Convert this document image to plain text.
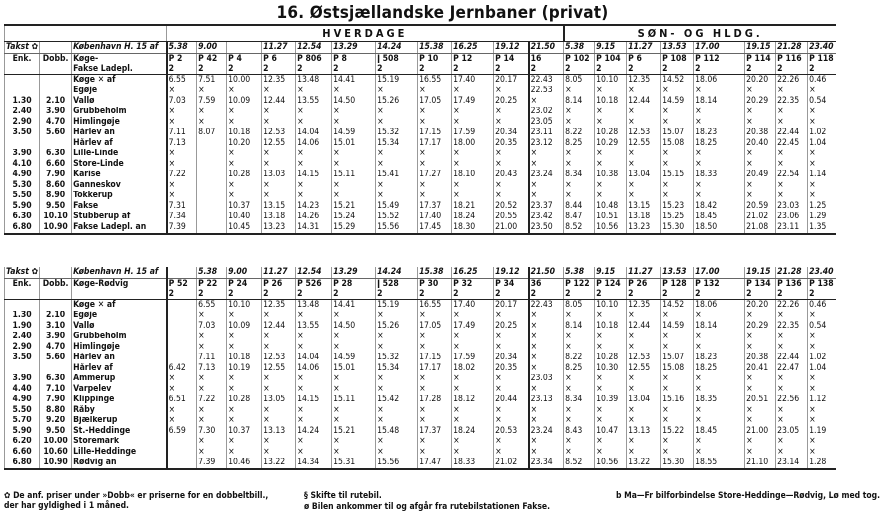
16. Østsjællandske Jernbaner (privat)
			HVERDAGE											SØN- OG HLDG.							
Takst ✿		København H. 15 af	5.38	9.00		11.27	12.54	13.29	14.24	15.38	16.25	19.12	21.50	5.38	9.15	11.27	13.53	17.00	19.15	21.28	23.40
Enk.	Dobb.	Køge-	P 2	P 42	P 4	P 6	P 806	P 8	ǀ 508	P 10	P 12	P 14	16	P 102	P 104	P 6	P 108	P 112	P 114	P 116	P 118
		Fakse Ladepl.	2	2	2	2	2	2	2	2	2	2	2	2	2	2	2	2	2	2	2
		Køge ✕ af	6.55	7.51	10.00	12.35	13.48	14.41	15.19	16.55	17.40	20.17	22.43	8.05	10.10	12.35	14.52	18.06	20.20	22.26	0.46
		Egøje	×	×	×	×	×	×	×	×	×	×	22.53	×	×	×	×	×	×	×	×
1.30	2.10	Vallø	7.03	7.59	10.09	12.44	13.55	14.50	15.26	17.05	17.49	20.25	×	8.14	10.18	12.44	14.59	18.14	20.29	22.35	0.54
2.40	3.90	Grubbeholm	×	×	×	×	×	×	×	×	×	×	23.02	×	×	×	×	×	×	×	×
2.90	4.70	Himlingøje	×	×	×	×	×	×	×	×	×	×	23.05	×	×	×	×	×	×	×	×
3.50	5.60	Hårlev an	7.11	8.07	10.18	12.53	14.04	14.59	15.32	17.15	17.59	20.34	23.11	8.22	10.28	12.53	15.07	18.23	20.38	22.44	1.02
		Hårlev af	7.13		10.20	12.55	14.06	15.01	15.34	17.17	18.00	20.35	23.12	8.25	10.29	12.55	15.08	18.25	20.40	22.45	1.04
3.90	6.30	Lille-Linde	×		×	×	×	×	×	×	×	×	×	×	×	×	×	×	×	×	×
4.10	6.60	Store-Linde	×		×	×	×	×	×	×	×	×	×	×	×	×	×	×	×	×	×
4.90	7.90	Karise	7.22		10.28	13.03	14.15	15.11	15.41	17.27	18.10	20.43	23.24	8.34	10.38	13.04	15.15	18.33	20.49	22.54	1.14
5.30	8.60	Ganneskov	×		×	×	×	×	×	×	×	×	×	×	×	×	×	×	×	×	×
5.50	8.90	Tokkerup	×		×	×	×	×	×	×	×	×	×	×	×	×	×	×	×	×	×
5.90	9.50	Fakse	7.31		10.37	13.15	14.23	15.21	15.49	17.37	18.21	20.52	23.37	8.44	10.48	13.15	15.23	18.42	20.59	23.03	1.25
6.30	10.10	Stubberup af	7.34		10.40	13.18	14.26	15.24	15.52	17.40	18.24	20.55	23.42	8.47	10.51	13.18	15.25	18.45	21.02	23.06	1.29
6.80	10.90	Fakse Ladepl. an	7.39		10.45	13.23	14.31	15.29	15.56	17.45	18.30	21.00	23.50	8.52	10.56	13.23	15.30	18.50	21.08	23.11	1.35
Takst ✿		København H. 15 af		5.38	9.00	11.27	12.54	13.29	14.24	15.38	16.25	19.12	21.50	5.38	9.15	11.27	13.53	17.00	19.15	21.28	23.40
Enk.	Dobb.	Køge-Rødvig	P 52	P 22	P 24	P 26	P 526	P 28	ǀ 528	P 30	P 32	P 34	36	P 122	P 124	P 26	P 128	P 132	P 134	P 136	P 138
			2	2	2	2	2	2	2	2	2	2	2	2	2	2	2	2	2	2	2
		Køge ✕ af		6.55	10.10	12.35	13.48	14.41	15.19	16.55	17.40	20.17	22.43	8.05	10.10	12.35	14.52	18.06	20.20	22.26	0.46
1.30	2.10	Egøje		×	×	×	×	×	×	×	×	×	×	×	×	×	×	×	×	×	×
1.90	3.10	Vallø		7.03	10.09	12.44	13.55	14.50	15.26	17.05	17.49	20.25	×	8.14	10.18	12.44	14.59	18.14	20.29	22.35	0.54
2.40	3.90	Grubbeholm		×	×	×	×	×	×	×	×	×	×	×	×	×	×	×	×	×	×
2.90	4.70	Himlingøje		×	×	×	×	×	×	×	×	×	×	×	×	×	×	×	×	×	×
3.50	5.60	Hårlev an		7.11	10.18	12.53	14.04	14.59	15.32	17.15	17.59	20.34	×	8.22	10.28	12.53	15.07	18.23	20.38	22.44	1.02
		Hårlev af	6.42	7.13	10.19	12.55	14.06	15.01	15.34	17.17	18.02	20.35	×	8.25	10.30	12.55	15.08	18.25	20.41	22.47	1.04
3.90	6.30	Ammerup	×	×	×	×	×	×	×	×	×	×	23.03	×	×	×	×	×	×	×	×
4.40	7.10	Varpelev	×	×	×	×	×	×	×	×	×	×	×	×	×	×	×	×	×	×	×
4.90	7.90	Klippinge	6.51	7.22	10.28	13.05	14.15	15.11	15.42	17.28	18.12	20.44	23.13	8.34	10.39	13.04	15.16	18.35	20.51	22.56	1.12
5.50	8.80	Råby	×	×	×	×	×	×	×	×	×	×	×	×	×	×	×	×	×	×	×
5.70	9.20	Bjælkerup	×	×	×	×	×	×	×	×	×	×	×	×	×	×	×	×	×	×	×
5.90	9.50	St.-Heddinge	6.59	7.30	10.37	13.13	14.24	15.21	15.48	17.37	18.24	20.53	23.24	8.43	10.47	13.13	15.22	18.45	21.00	23.05	1.19
6.20	10.00	Storemark		×	×	×	×	×	×	×	×	×	×	×	×	×	×	×	×	×	×
6.60	10.60	Lille-Heddinge		×	×	×	×	×	×	×	×	×	×	×	×	×	×	×	×	×	×
6.80	10.90	Rødvig an		7.39	10.46	13.22	14.34	15.31	15.56	17.47	18.33	21.02	23.34	8.52	10.56	13.22	15.30	18.55	21.10	23.14	1.28
✿ De anf. priser under »Dobb« er priserne for en dobbeltbill., der har gyldighed i 1 måned.
§ Skifte til rutebil.
ø Bilen ankommer til og afgår fra rutebilstationen Fakse.
b Ma—Fr bilforbindelse Store-Heddinge—Rødvig, Lø med tog.
